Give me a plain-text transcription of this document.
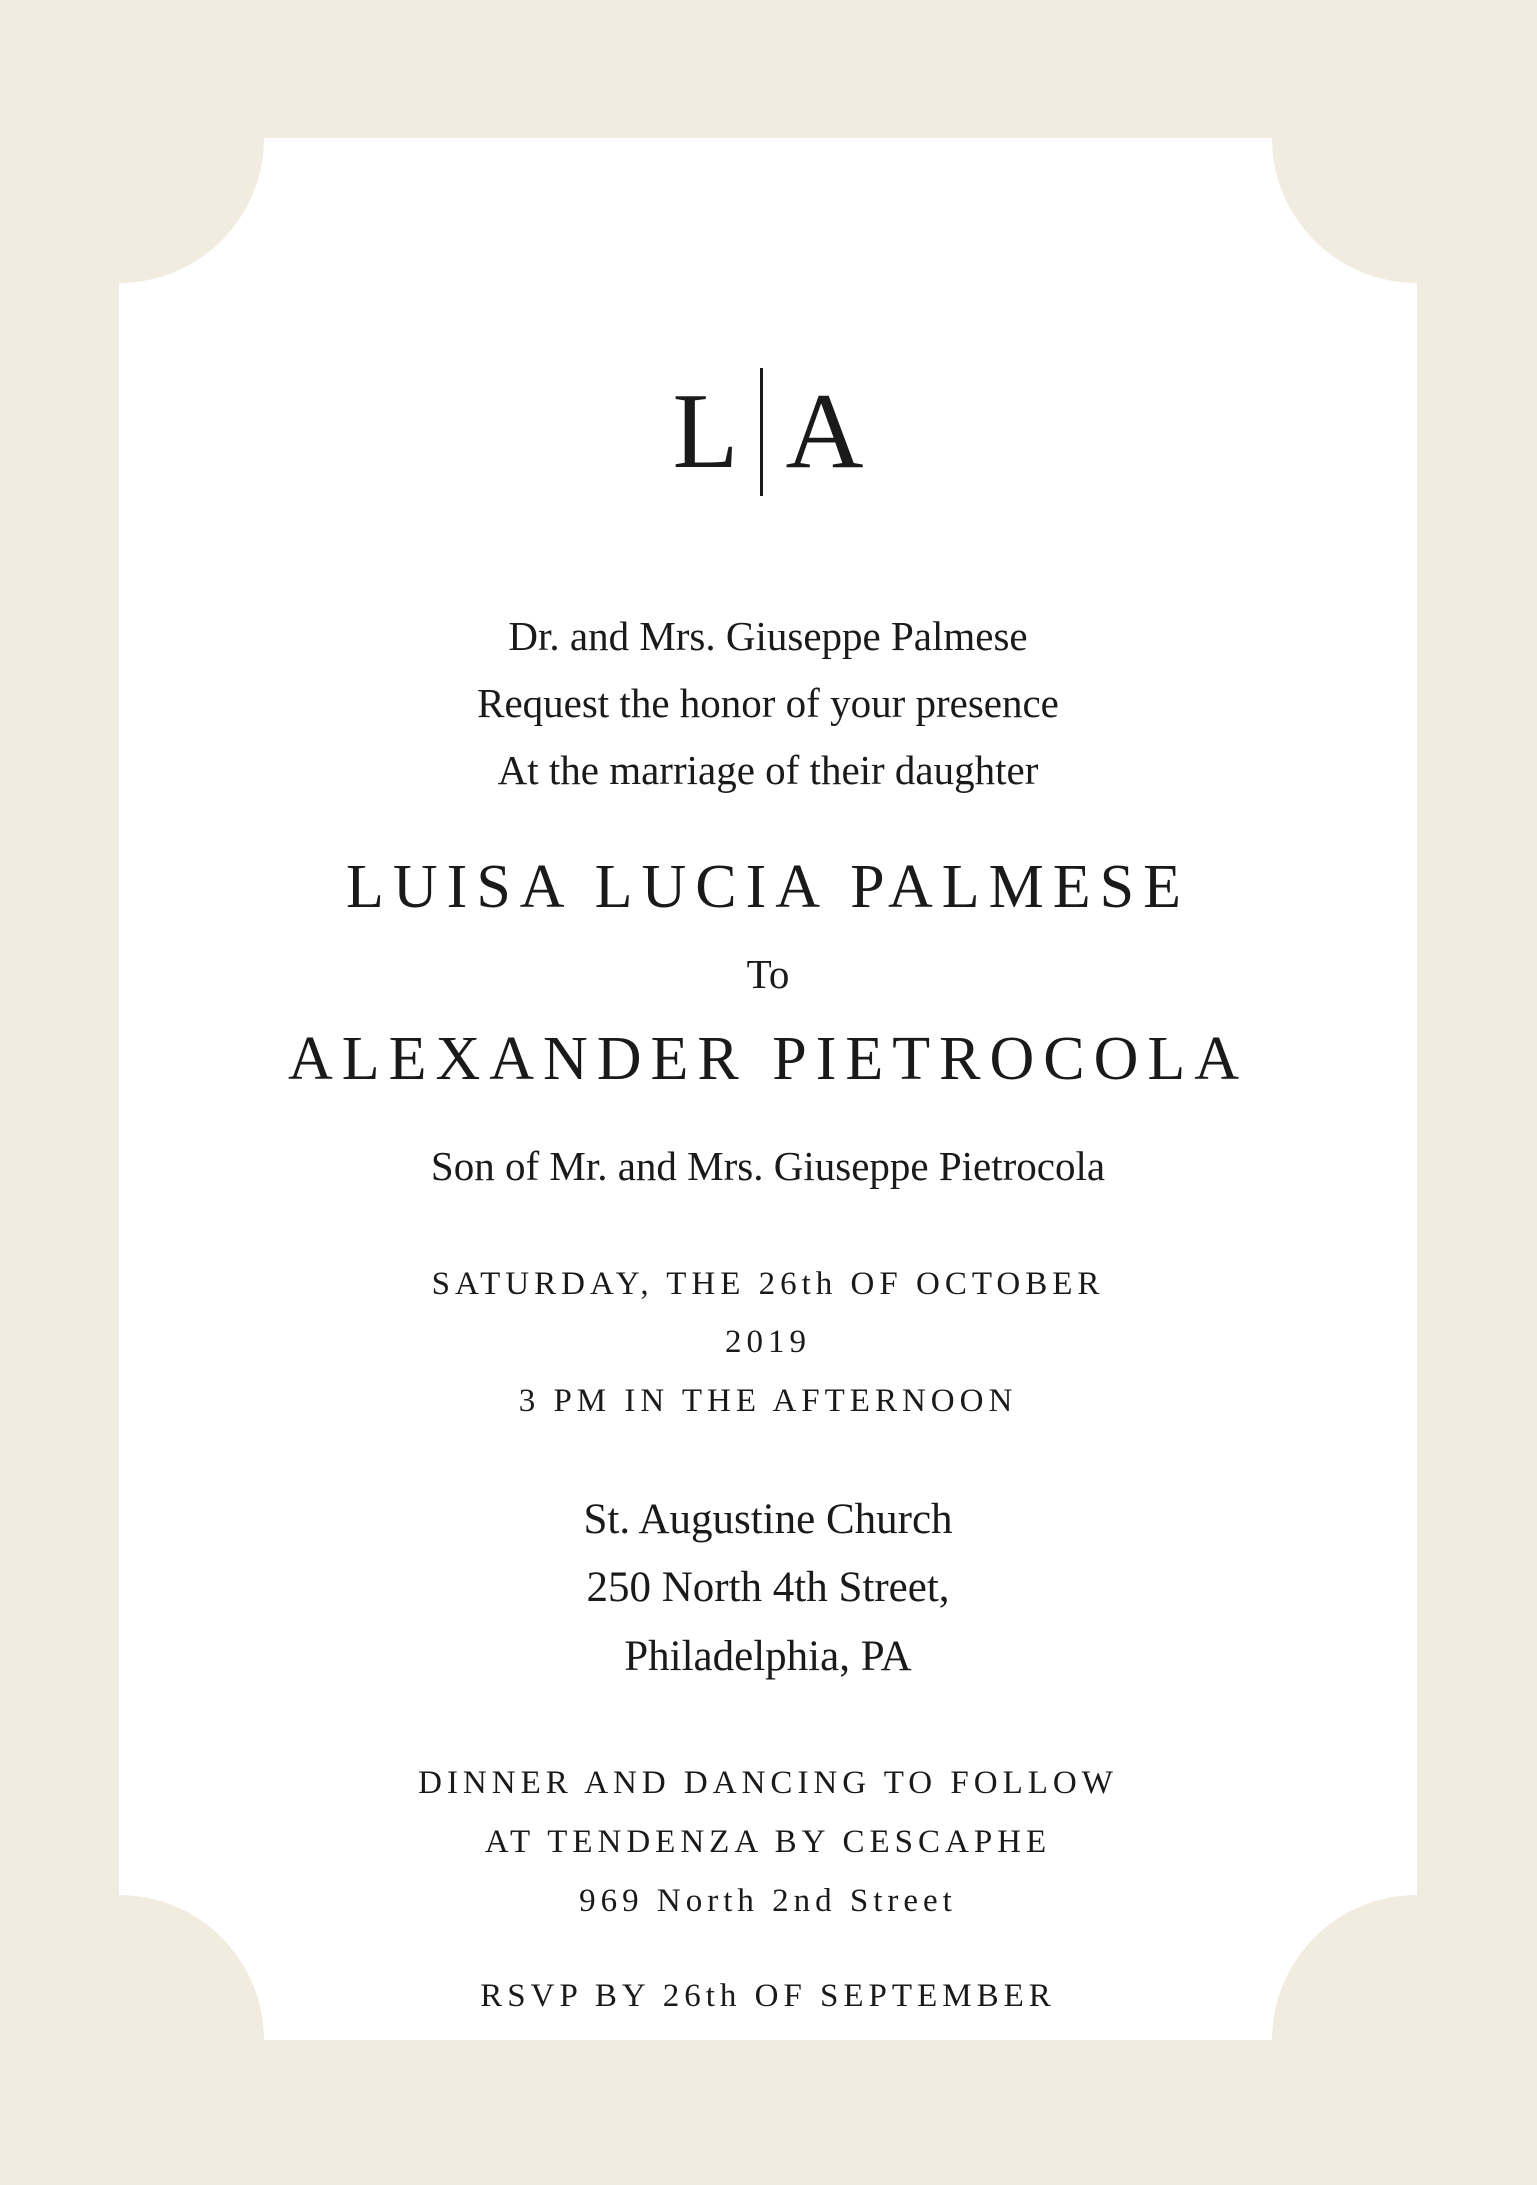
L A
Dr. and Mrs. Giuseppe Palmese
Request the honor of your presence
At the marriage of their daughter
LUISA LUCIA PALMESE
To
ALEXANDER PIETROCOLA
Son of Mr. and Mrs. Giuseppe Pietrocola
SATURDAY, THE 26th OF OCTOBER
2019
3 PM IN THE AFTERNOON
St. Augustine Church
250 North 4th Street,
Philadelphia, PA
DINNER AND DANCING TO FOLLOW
AT TENDENZA BY CESCAPHE
969 North 2nd Street
RSVP BY 26th OF SEPTEMBER
